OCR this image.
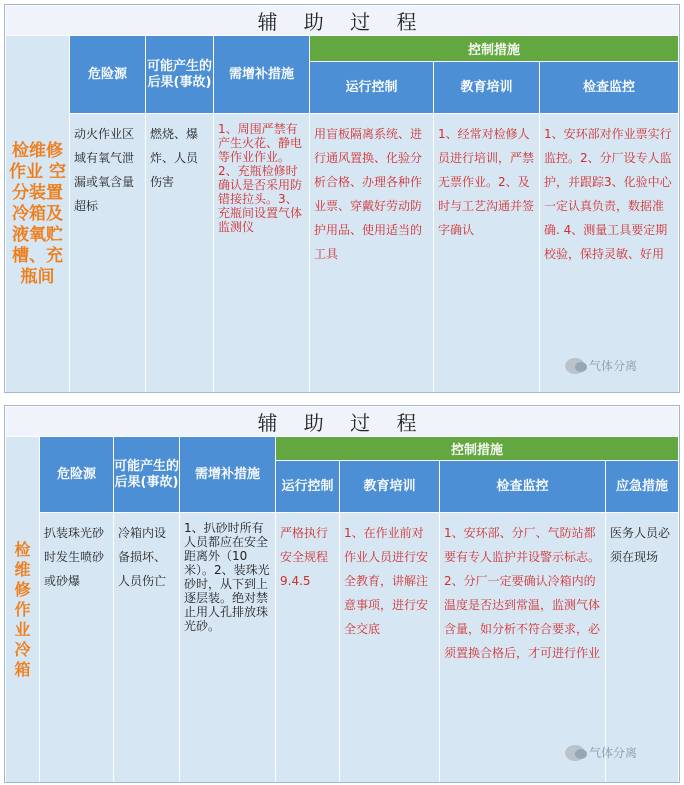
辅 助 过 程						
检维修作业 空分装置冷箱及液氧贮槽、充瓶间	危险源	可能产生的后果(事故)	需增补措施	控制措施		
				运行控制	教育培训	检查监控
	动火作业区域有氧气泄漏或氧含量超标	燃烧、爆炸、人员伤害	1、周围严禁有产生火花、静电等作业作业。2、充瓶检修时确认是否采用防错接拉头。3、充瓶间设置气体监测仪	用盲板隔离系统、进行通风置换、化验分析合格、办理各种作业票、穿戴好劳动防护用品、使用适当的工具	1、经常对检修人员进行培训，严禁无票作业。2、及时与工艺沟通并签字确认	1、安环部对作业票实行监控。2、分厂设专人监护，并跟踪3、化验中心一定认真负责，数据准确. 4、测量工具要定期校验，保持灵敏、好用
气体分离
辅 助 过 程							
检维修作业 冷箱	危险源	可能产生的后果(事故)	需增补措施	控制措施			
				运行控制	教育培训	检查监控	应急措施
	扒装珠光砂时发生喷砂或砂爆	冷箱内设备损坏、人员伤亡	1、扒砂时所有人员都应在安全距离外（10米）。2、装珠光砂时，从下到上逐层装。绝对禁止用人孔排放珠光砂。	严格执行安全规程9.4.5	1、在作业前对作业人员进行安全教育，讲解注意事项，进行安全交底	1、安环部、分厂、气防站都要有专人监护并设警示标志。 2、分厂一定要确认冷箱内的温度是否达到常温，监测气体含量，如分析不符合要求，必须置换合格后，才可进行作业	医务人员必须在现场
气体分离
